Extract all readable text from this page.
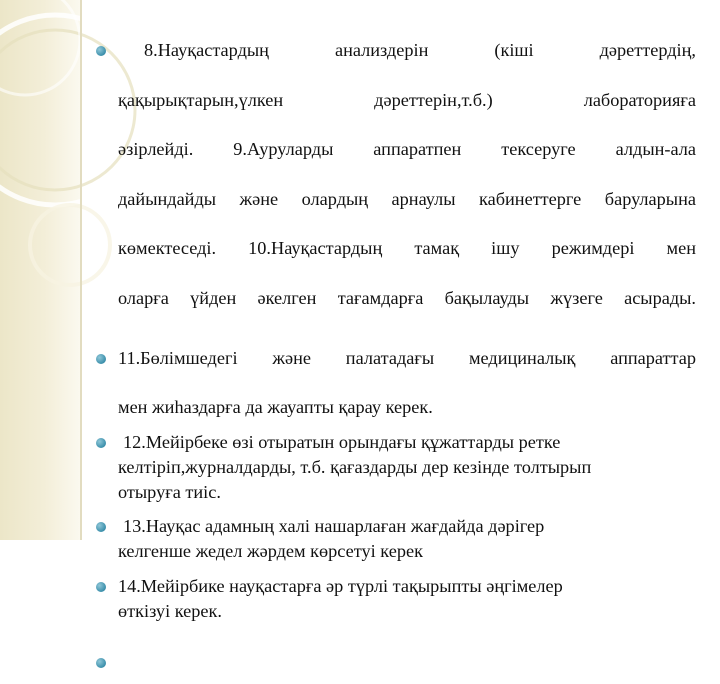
8.Науқастардың анализдерін (кіші дәреттердің,

қақырықтарын,үлкен дәреттерін,т.б.) лабораторияға

әзірлейді. 9.Ауруларды аппаратпен тексеруге алдын-ала

дайындайды және олардың арнаулы кабинеттерге баруларына

көмектеседі. 10.Науқастардың тамақ ішу режимдері мен

оларға үйден әкелген тағамдарға бақылауды жүзеге асырады.

11.Бөлімшедегі және палатадағы медициналық аппараттар

мен жиһаздарға да жауапты қарау керек.

12.Мейірбеке өзі отыратын орындағы құжаттарды ретке

келтіріп,журналдарды, т.б. қағаздарды дер кезінде толтырып

отыруға тиіс.

13.Науқас адамның халі нашарлаған жағдайда дәрігер

келгенше жедел жәрдем көрсетуі керек

14.Мейірбике науқастарға әр түрлі тақырыпты әңгімелер

өткізуі керек.
